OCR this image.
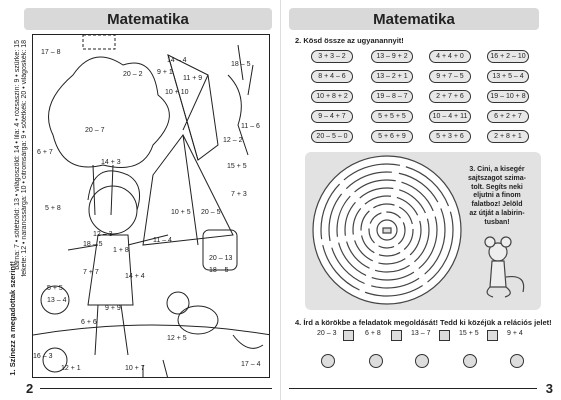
Matematika
17 – 8
14 – 4
18 – 5
9 + 1
20 – 2
11 + 9
10 + 10
20 – 7
11 – 6
14 + 3
12 – 2
6 + 7
15 + 5
7 + 3
5 + 8
10 + 5 20 – 5
12 – 3
18 – 5
1 + 8
11 – 4
20 – 13
18 – 5
7 + 7
14 + 4
5 + 5
13 – 4
9 + 9
6 + 6
12 + 5
16 – 3
12 + 1	10 + 7
17 – 4
1. Színezz a megadottak szerint!
barna: 7 • sötétzöld: 13 • világoszöld: 14 • lila: 4 • rózsaszín: 9 • szürke: 15 fekete: 12 • narancssárga: 10 • citromsárga: 9 • sötétkék: 20 • világoskék: 18
2
Matematika
2. Kösd össze az ugyanannyit!
3 + 3 – 2
8 + 4 – 6
10 + 8 + 2
9 – 4 + 7
20 – 5 – 0
13 – 9 + 2
13 – 2 + 1
19 – 8 – 7
5 + 5 + 5
5 + 6 + 9
4 + 4 + 0
9 + 7 – 5
2 + 7 + 6
10 – 4 + 11
5 + 3 + 6
16 + 2 – 10
13 + 5 – 4
19 – 10 + 8
6 + 2 + 7
2 + 8 + 1
3. Cini, a kisegér
sajtszagot szima-
tolt. Segíts neki
eljutni a finom
falatboz! Jelöld
az útját a labirin-
tusban!
4. Írd a körökbe a feladatok megoldását! Tedd ki közéjük a relációs jelet!
20 – 3	6 + 8	13 – 7	15 + 5	9 + 4
3
